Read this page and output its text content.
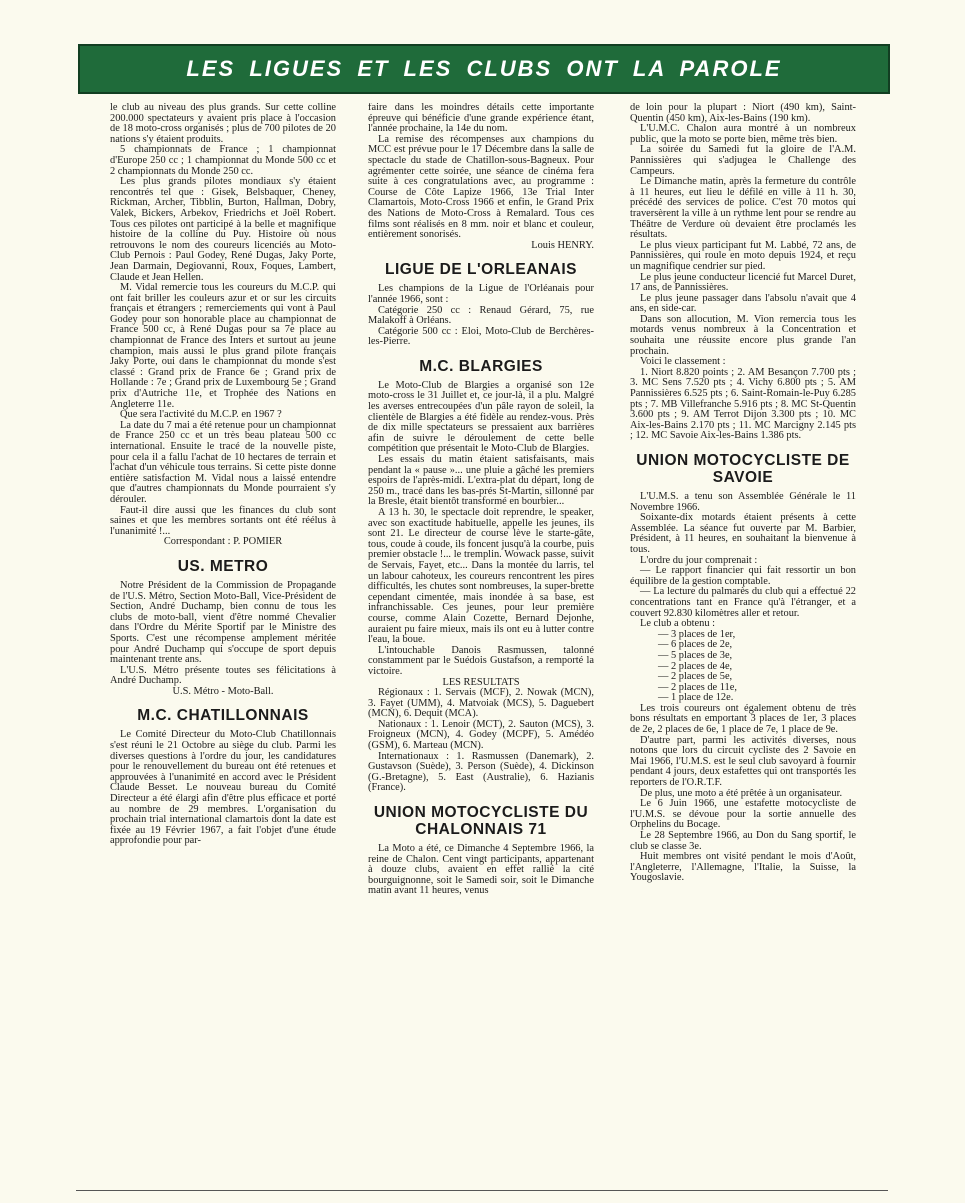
LES LIGUES ET LES CLUBS ONT LA PAROLE

le club au niveau des plus grands. Sur cette colline 200.000 spectateurs y avaient pris place à l'occasion de 18 moto-cross organisés ; plus de 700 pilotes de 20 nations s'y étaient produits.

5 championnats de France ; 1 championnat d'Europe 250 cc ; 1 championnat du Monde 500 cc et 2 championnats du Monde 250 cc.

Les plus grands pilotes mondiaux s'y étaient rencontrés tel que : Gisek, Belsbaquer, Cheney, Rickman, Archer, Tibblin, Burton, Hallman, Dobry, Valek, Bickers, Arbekov, Friedrichs et Joël Robert. Tous ces pilotes ont participé à la belle et magnifique histoire de la colline du Puy. Histoire où nous retrouvons le nom des coureurs licenciés au Moto-Club Pernois : Paul Godey, René Dugas, Jaky Porte, Jean Darmain, Degiovanni, Roux, Foques, Lambert, Claude et Jean Hellen.

M. Vidal remercie tous les coureurs du M.C.P. qui ont fait briller les couleurs azur et or sur les circuits français et étrangers ; remerciements qui vont à Paul Godey pour son honorable place au championnat de France 500 cc, à René Dugas pour sa 7e place au championnat de France des Inters et surtout au jeune champion, mais aussi le plus grand pilote français Jaky Porte, oui dans le championnat du monde s'est classé : Grand prix de France 6e ; Grand prix de Hollande : 7e ; Grand prix de Luxembourg 5e ; Grand prix d'Autriche 11e, et Trophée des Nations en Angleterre 11e.

Que sera l'activité du M.C.P. en 1967 ?

La date du 7 mai a été retenue pour un championnat de France 250 cc et un très beau plateau 500 cc international. Ensuite le tracé de la nouvelle piste, pour cela il a fallu l'achat de 10 hectares de terrain et l'achat d'un véhicule tous terrains. Si cette piste donne entière satisfaction M. Vidal nous a laissé entendre que d'autres championnats du Monde pourraient s'y dérouler.

Faut-il dire aussi que les finances du club sont saines et que les membres sortants ont été réélus à l'unanimité !...

Correspondant : P. POMIER

US. METRO

Notre Président de la Commission de Propagande de l'U.S. Métro, Section Moto-Ball, Vice-Président de Section, André Duchamp, bien connu de tous les clubs de moto-ball, vient d'être nommé Chevalier dans l'Ordre du Mérite Sportif par le Ministre des Sports. C'est une récompense amplement méritée pour André Duchamp qui s'occupe de sport depuis maintenant trente ans.

L'U.S. Métro présente toutes ses félicitations à André Duchamp.

U.S. Métro - Moto-Ball.

M.C. CHATILLONNAIS

Le Comité Directeur du Moto-Club Chatillonnais s'est réuni le 21 Octobre au siège du club. Parmi les diverses questions à l'ordre du jour, les candidatures pour le renouvellement du bureau ont été retenues et approuvées à l'unanimité en accord avec le Président Claude Besset. Le nouveau bureau du Comité Directeur a été élargi afin d'être plus efficace et porté au nombre de 29 membres. L'organisation du prochain trial international clamartois dont la date est fixée au 19 Février 1967, a fait l'objet d'une étude approfondie pour par-

faire dans les moindres détails cette importante épreuve qui bénéficie d'une grande expérience étant, l'année prochaine, la 14e du nom.

La remise des récompenses aux champions du MCC est prévue pour le 17 Décembre dans la salle de spectacle du stade de Chatillon-sous-Bagneux. Pour agrémenter cette soirée, une séance de cinéma fera suite à ces congratulations avec, au programme : Course de Côte Lapize 1966, 13e Trial Inter Clamartois, Moto-Cross 1966 et enfin, le Grand Prix des Nations de Moto-Cross à Remalard. Tous ces films sont réalisés en 8 mm. noir et blanc et couleur, entièrement sonorisés.

Louis HENRY.

LIGUE DE L'ORLEANAIS

Les champions de la Ligue de l'Orléanais pour l'année 1966, sont :

Catégorie 250 cc : Renaud Gérard, 75, rue Malakoff à Orléans.

Catégorie 500 cc : Eloi, Moto-Club de Berchères-les-Pierre.

M.C. BLARGIES

Le Moto-Club de Blargies a organisé son 12e moto-cross le 31 Juillet et, ce jour-là, il a plu. Malgré les averses entrecoupées d'un pâle rayon de soleil, la clientèle de Blargies a été fidèle au rendez-vous. Près de dix mille spectateurs se pressaient aux barrières afin de suivre le déroulement de cette belle compétition que présentait le Moto-Club de Blargies.

Les essais du matin étaient satisfaisants, mais pendant la « pause »... une pluie a gâché les premiers espoirs de l'après-midi. L'extra-plat du départ, long de 250 m., tracé dans les bas-prés St-Martin, sillonné par la Bresle, était bientôt transformé en bourbier...

A 13 h. 30, le spectacle doit reprendre, le speaker, avec son exactitude habituelle, appelle les jeunes, ils sont 21. Le directeur de course lève le starte-gâte, tous, coude à coude, ils foncent jusqu'à la courbe, puis premier obstacle !... le tremplin. Wowack passe, suivit de Servais, Fayet, etc... Dans la montée du larris, tel un labour cahoteux, les coureurs rencontrent les pires difficultés, les chutes sont nombreuses, la super-brette cependant cimentée, mais inondée à sa base, est infranchissable. Ces jeunes, pour leur première course, comme Alain Cozette, Bernard Dejonhe, auraient pu faire mieux, mais ils ont eu à lutter contre l'eau, la boue.

L'intouchable Danois Rasmussen, talonné constamment par le Suédois Gustafson, a remporté la victoire.

LES RESULTATS

Régionaux : 1. Servais (MCF), 2. Nowak (MCN), 3. Fayet (UMM), 4. Matvoiak (MCS), 5. Daguebert (MCN), 6. Dequit (MCA).

Nationaux : 1. Lenoir (MCT), 2. Sauton (MCS), 3. Froigneux (MCN), 4. Godey (MCPF), 5. Amédéo (GSM), 6. Marteau (MCN).

Internationaux : 1. Rasmussen (Danemark), 2. Gustavson (Suède), 3. Person (Suède), 4. Dickinson (G.-Bretagne), 5. East (Australie), 6. Hazianis (France).

UNION MOTOCYCLISTE DU CHALONNAIS 71

La Moto a été, ce Dimanche 4 Septembre 1966, la reine de Chalon. Cent vingt participants, appartenant à douze clubs, avaient en effet rallié la cité bourguignonne, soit le Samedi soir, soit le Dimanche matin avant 11 heures, venus

de loin pour la plupart : Niort (490 km), Saint-Quentin (450 km), Aix-les-Bains (190 km).

L'U.M.C. Chalon aura montré à un nombreux public, que la moto se porte bien, même très bien.

La soirée du Samedi fut la gloire de l'A.M. Pannissières qui s'adjugea le Challenge des Campeurs.

Le Dimanche matin, après la fermeture du contrôle à 11 heures, eut lieu le défilé en ville à 11 h. 30, précédé des services de police. C'est 70 motos qui traversèrent la ville à un rythme lent pour se rendre au Théâtre de Verdure où devaient être proclamés les résultats.

Le plus vieux participant fut M. Labbé, 72 ans, de Pannissières, qui roule en moto depuis 1924, et reçu un magnifique cendrier sur pied.

Le plus jeune conducteur licencié fut Marcel Duret, 17 ans, de Pannissières.

Le plus jeune passager dans l'absolu n'avait que 4 ans, en side-car.

Dans son allocution, M. Vion remercia tous les motards venus nombreux à la Concentration et souhaita une réussite encore plus grande l'an prochain.

Voici le classement :

1. Niort 8.820 points ; 2. AM Besançon 7.700 pts ; 3. MC Sens 7.520 pts ; 4. Vichy 6.800 pts ; 5. AM Pannissières 6.525 pts ; 6. Saint-Romain-le-Puy 6.285 pts ; 7. MB Villefranche 5.916 pts ; 8. MC St-Quentin 3.600 pts ; 9. AM Terrot Dijon 3.300 pts ; 10. MC Aix-les-Bains 2.170 pts ; 11. MC Marcigny 2.145 pts ; 12. MC Savoie Aix-les-Bains 1.386 pts.

UNION MOTOCYCLISTE DE SAVOIE

L'U.M.S. a tenu son Assemblée Générale le 11 Novembre 1966.

Soixante-dix motards étaient présents à cette Assemblée. La séance fut ouverte par M. Barbier, Président, à 11 heures, en souhaitant la bienvenue à tous.

L'ordre du jour comprenait :

— Le rapport financier qui fait ressortir un bon équilibre de la gestion comptable.

— La lecture du palmarès du club qui a effectué 22 concentrations tant en France qu'à l'étranger, et a couvert 92.830 kilomètres aller et retour.

Le club a obtenu :

— 3 places de 1er,
— 6 places de 2e,
— 5 places de 3e,
— 2 places de 4e,
— 2 places de 5e,
— 2 places de 11e,
— 1 place de 12e.

Les trois coureurs ont également obtenu de très bons résultats en emportant 3 places de 1er, 3 places de 2e, 2 places de 6e, 1 place de 7e, 1 place de 9e.

D'autre part, parmi les activités diverses, nous notons que lors du circuit cycliste des 2 Savoie en Mai 1966, l'U.M.S. est le seul club savoyard à fournir pendant 4 jours, deux estafettes qui ont transportés les reporters de l'O.R.T.F.

De plus, une moto a été prêtée à un organisateur.

Le 6 Juin 1966, une estafette motocycliste de l'U.M.S. se dévoue pour la sortie annuelle des Orphelins du Bocage.

Le 28 Septembre 1966, au Don du Sang sportif, le club se classe 3e.

Huit membres ont visité pendant le mois d'Août, l'Angleterre, l'Allemagne, l'Italie, la Suisse, la Yougoslavie.
